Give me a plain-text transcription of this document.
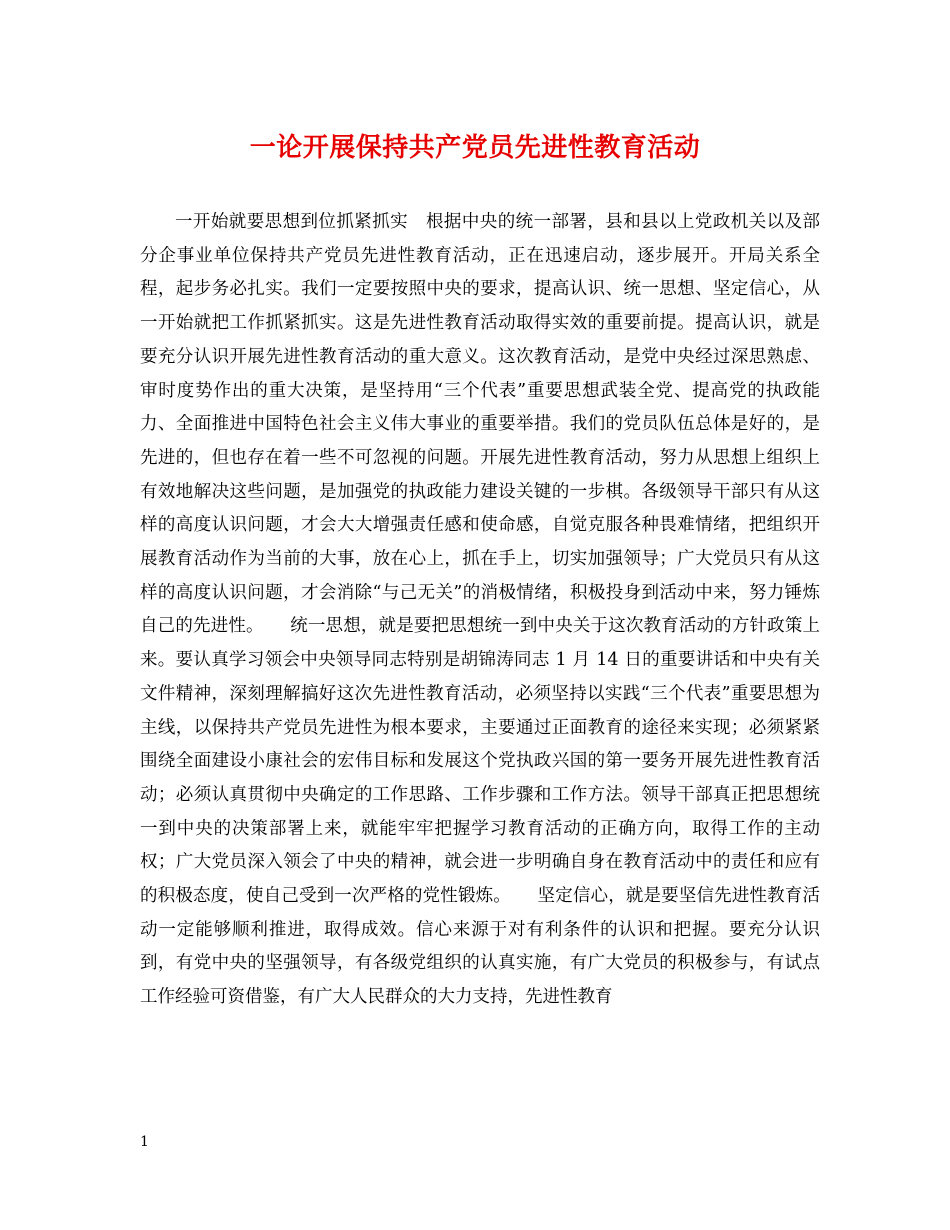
一论开展保持共产党员先进性教育活动

一开始就要思想到位抓紧抓实　根据中央的统一部署，县和县以上党政机关以及部分企事业单位保持共产党员先进性教育活动，正在迅速启动，逐步展开。开局关系全程，起步务必扎实。我们一定要按照中央的要求，提高认识、统一思想、坚定信心，从一开始就把工作抓紧抓实。这是先进性教育活动取得实效的重要前提。提高认识，就是要充分认识开展先进性教育活动的重大意义。这次教育活动，是党中央经过深思熟虑、审时度势作出的重大决策，是坚持用“三个代表”重要思想武装全党、提高党的执政能力、全面推进中国特色社会主义伟大事业的重要举措。我们的党员队伍总体是好的，是先进的，但也存在着一些不可忽视的问题。开展先进性教育活动，努力从思想上组织上有效地解决这些问题，是加强党的执政能力建设关键的一步棋。各级领导干部只有从这样的高度认识问题，才会大大增强责任感和使命感，自觉克服各种畏难情绪，把组织开展教育活动作为当前的大事，放在心上，抓在手上，切实加强领导；广大党员只有从这样的高度认识问题，才会消除“与己无关”的消极情绪，积极投身到活动中来，努力锤炼自己的先进性。　　统一思想，就是要把思想统一到中央关于这次教育活动的方针政策上来。要认真学习领会中央领导同志特别是胡锦涛同志 1 月 14 日的重要讲话和中央有关文件精神，深刻理解搞好这次先进性教育活动，必须坚持以实践“三个代表”重要思想为主线，以保持共产党员先进性为根本要求，主要通过正面教育的途径来实现；必须紧紧围绕全面建设小康社会的宏伟目标和发展这个党执政兴国的第一要务开展先进性教育活动；必须认真贯彻中央确定的工作思路、工作步骤和工作方法。领导干部真正把思想统一到中央的决策部署上来，就能牢牢把握学习教育活动的正确方向，取得工作的主动权；广大党员深入领会了中央的精神，就会进一步明确自身在教育活动中的责任和应有的积极态度，使自己受到一次严格的党性锻炼。　　坚定信心，就是要坚信先进性教育活动一定能够顺利推进，取得成效。信心来源于对有利条件的认识和把握。要充分认识到，有党中央的坚强领导，有各级党组织的认真实施，有广大党员的积极参与，有试点工作经验可资借鉴，有广大人民群众的大力支持，先进性教育

1
